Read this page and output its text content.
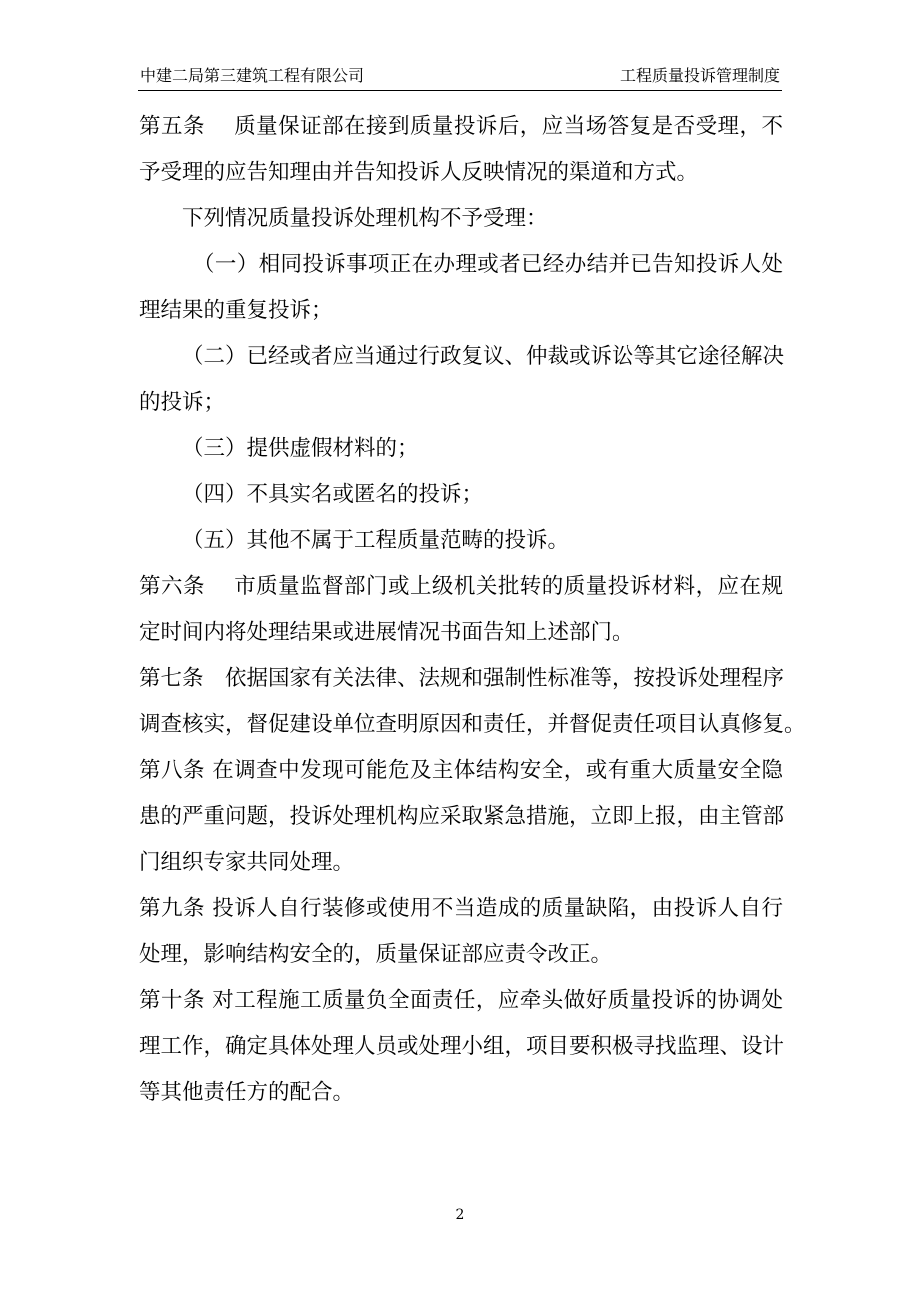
中建二局第三建筑工程有限公司	工程质量投诉管理制度
第五条　 质量保证部在接到质量投诉后，应当场答复是否受理，不
予受理的应告知理由并告知投诉人反映情况的渠道和方式。
下列情况质量投诉处理机构不予受理：
（一）相同投诉事项正在办理或者已经办结并已告知投诉人处
理结果的重复投诉；
（二）已经或者应当通过行政复议、仲裁或诉讼等其它途径解决
的投诉；
（三）提供虚假材料的；
（四）不具实名或匿名的投诉；
（五）其他不属于工程质量范畴的投诉。
第六条　 市质量监督部门或上级机关批转的质量投诉材料，应在规
定时间内将处理结果或进展情况书面告知上述部门。
第七条　依据国家有关法律、法规和强制性标准等，按投诉处理程序
调查核实，督促建设单位查明原因和责任，并督促责任项目认真修复。
第八条 在调查中发现可能危及主体结构安全，或有重大质量安全隐
患的严重问题，投诉处理机构应采取紧急措施，立即上报，由主管部
门组织专家共同处理。
第九条 投诉人自行装修或使用不当造成的质量缺陷，由投诉人自行
处理，影响结构安全的，质量保证部应责令改正。
第十条 对工程施工质量负全面责任，应牵头做好质量投诉的协调处
理工作，确定具体处理人员或处理小组，项目要积极寻找监理、设计
等其他责任方的配合。
2
